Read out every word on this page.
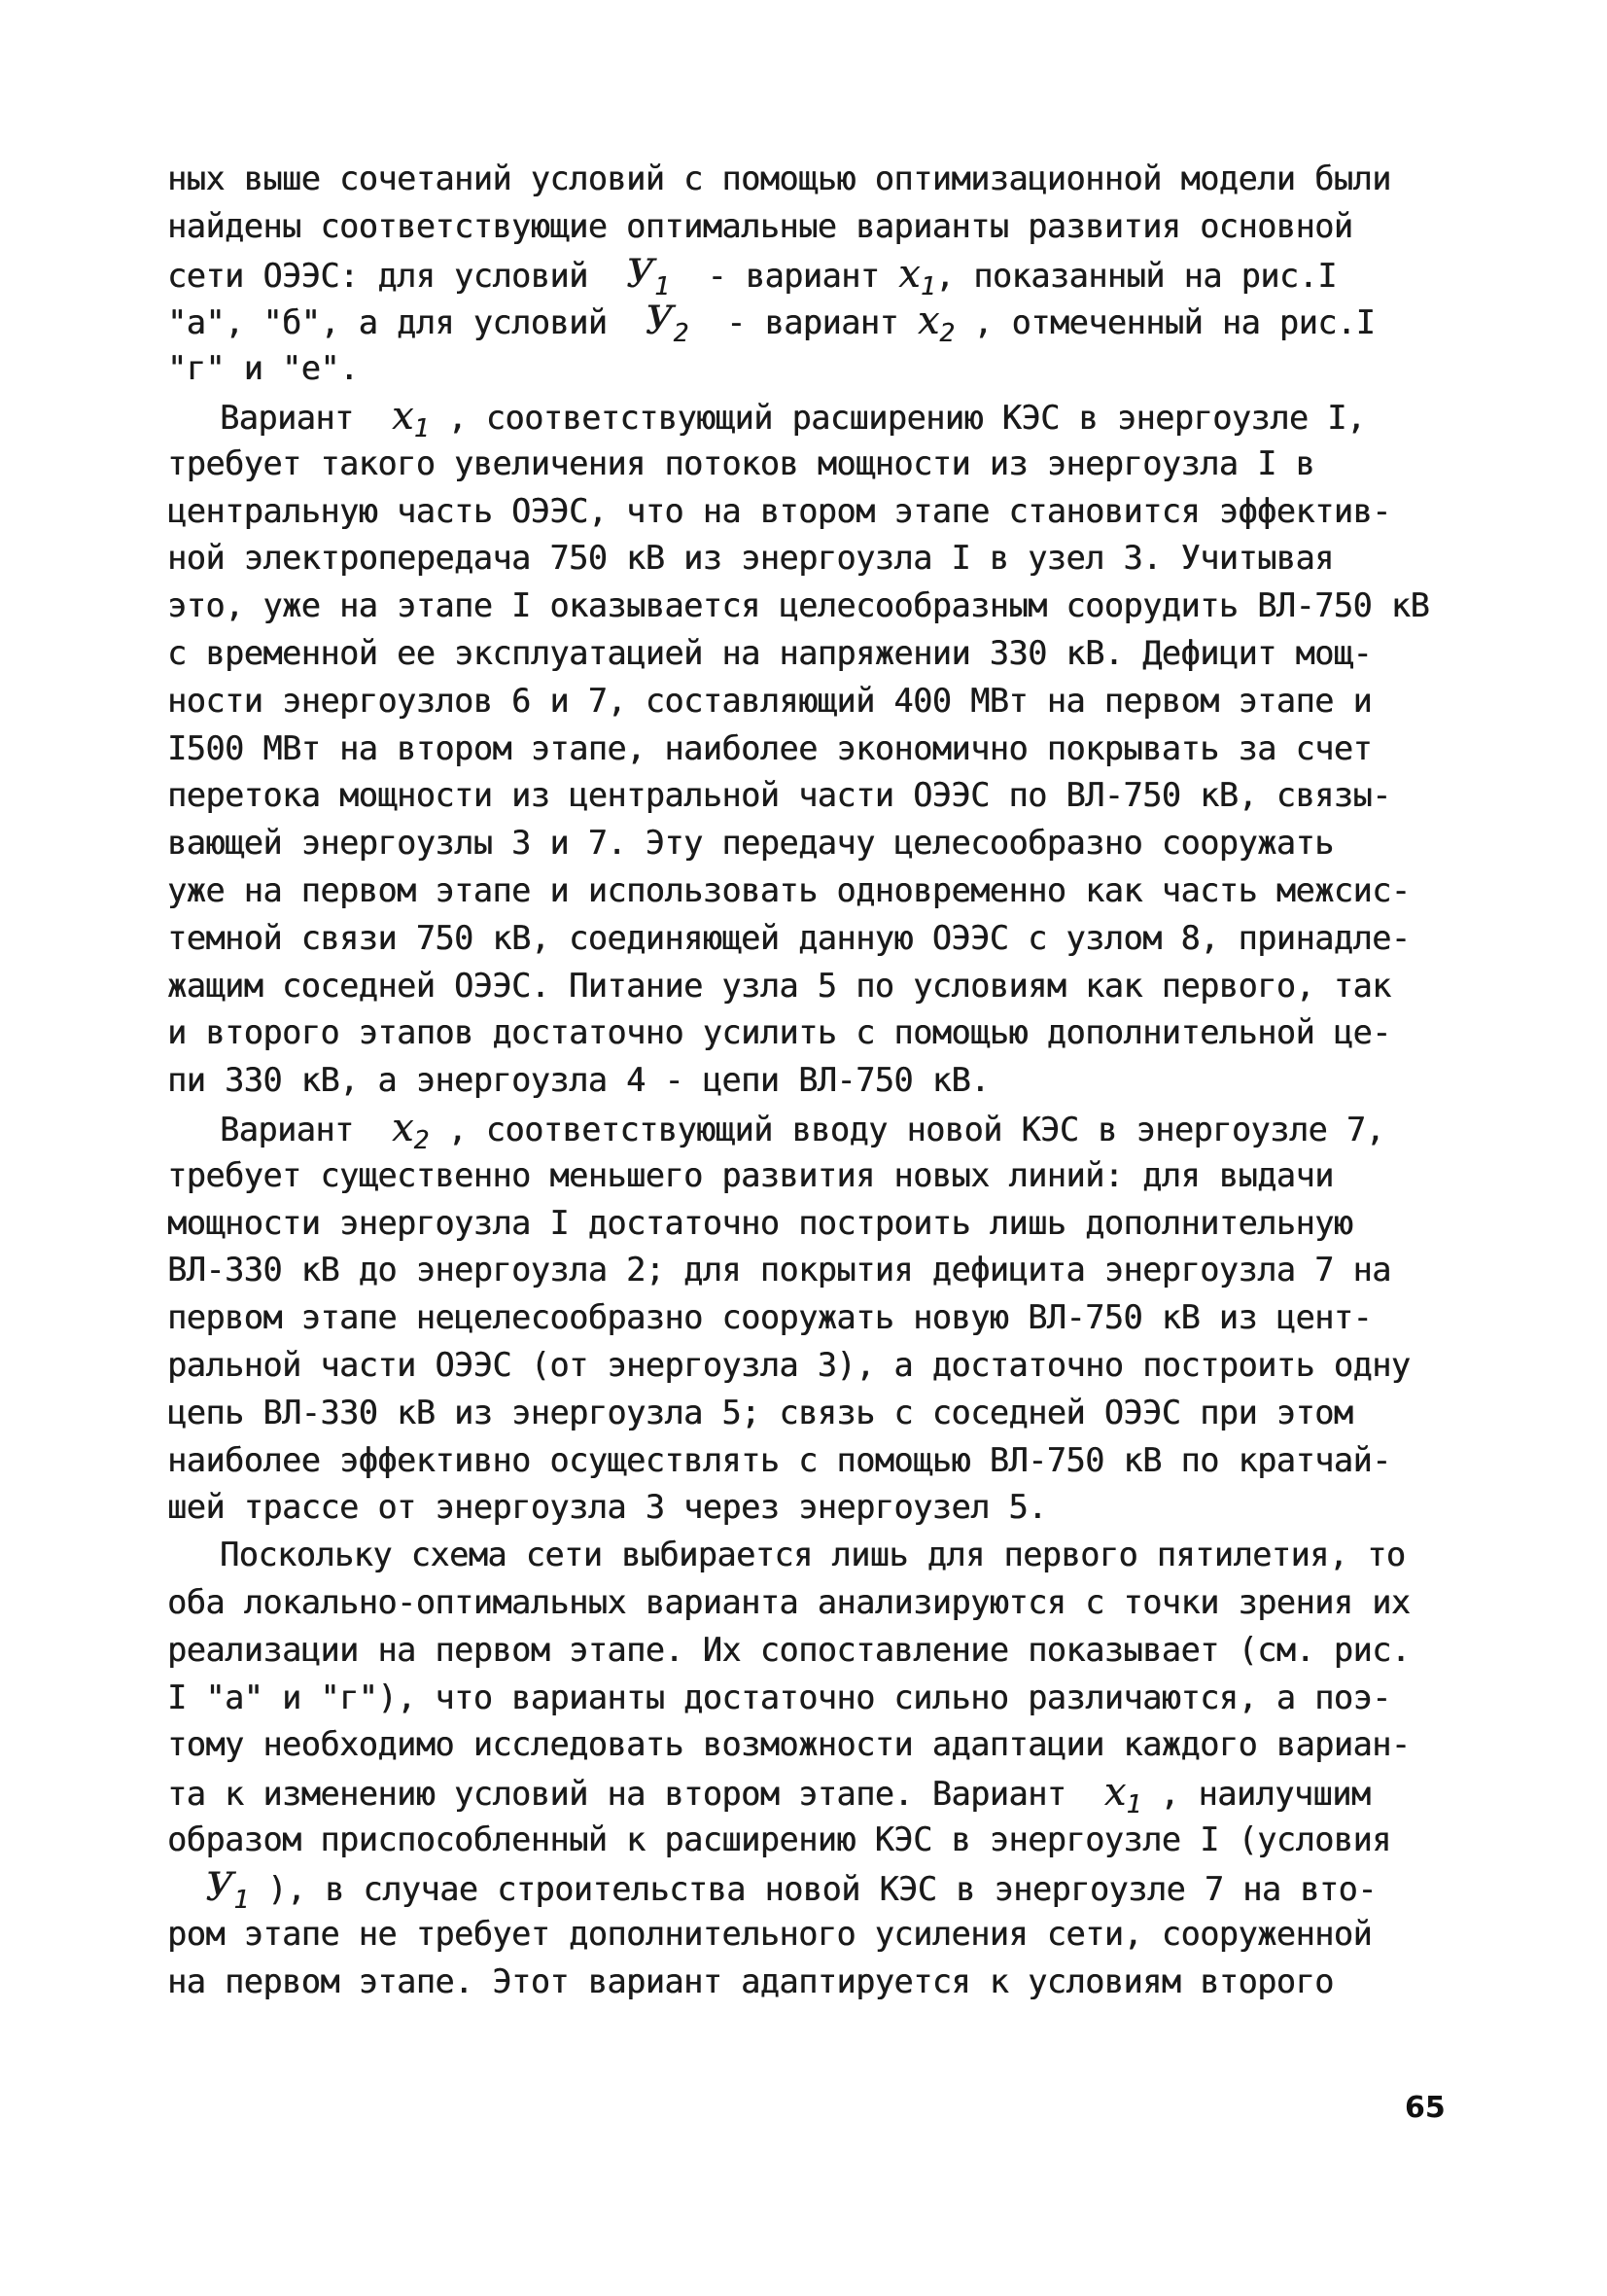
ных выше сочетаний условий с помощью оптимизационной модели были
найдены соответствующие оптимальные варианты развития основной
сети ОЭЭС: для условий  $У_1$  - вариант $x_1$, показанный на рис.I
"а", "б", а для условий  $У_2$  - вариант $x_2$ , отмеченный на рис.I
"г" и "е".
Вариант  $x_1$ , соответствующий расширению КЭС в энергоузле I,
требует такого увеличения потоков мощности из энергоузла I в
центральную часть ОЭЭС, что на втором этапе становится эффектив-
ной электропередача 750 кВ из энергоузла I в узел 3. Учитывая
это, уже на этапе I оказывается целесообразным соорудить ВЛ-750 кВ
с временной ее эксплуатацией на напряжении 330 кВ. Дефицит мощ-
ности энергоузлов 6 и 7, составляющий 400 МВт на первом этапе и
I500 МВт на втором этапе, наиболее экономично покрывать за счет
перетока мощности из центральной части ОЭЭС по ВЛ-750 кВ, связы-
вающей энергоузлы 3 и 7. Эту передачу целесообразно сооружать
уже на первом этапе и использовать одновременно как часть межсис-
темной связи 750 кВ, соединяющей данную ОЭЭС с узлом 8, принадле-
жащим соседней ОЭЭС. Питание узла 5 по условиям как первого, так
и второго этапов достаточно усилить с помощью дополнительной це-
пи 330 кВ, а энергоузла 4 - цепи ВЛ-750 кВ.
Вариант  $x_2$ , соответствующий вводу новой КЭС в энергоузле 7,
требует существенно меньшего развития новых линий: для выдачи
мощности энергоузла I достаточно построить лишь дополнительную
ВЛ-330 кВ до энергоузла 2; для покрытия дефицита энергоузла 7 на
первом этапе нецелесообразно сооружать новую ВЛ-750 кВ из цент-
ральной части ОЭЭС (от энергоузла 3), а достаточно построить одну
цепь ВЛ-330 кВ из энергоузла 5; связь с соседней ОЭЭС при этом
наиболее эффективно осуществлять с помощью ВЛ-750 кВ по кратчай-
шей трассе от энергоузла 3 через энергоузел 5.
Поскольку схема сети выбирается лишь для первого пятилетия, то
оба локально-оптимальных варианта анализируются с точки зрения их
реализации на первом этапе. Их сопоставление показывает (см. рис.
I "а" и "г"), что варианты достаточно сильно различаются, а поэ-
тому необходимо исследовать возможности адаптации каждого вариан-
та к изменению условий на втором этапе. Вариант  $x_1$ , наилучшим
образом приспособленный к расширению КЭС в энергоузле I (условия
$У_1$ ), в случае строительства новой КЭС в энергоузле 7 на вто-
ром этапе не требует дополнительного усиления сети, сооруженной
на первом этапе. Этот вариант адаптируется к условиям второго
65
